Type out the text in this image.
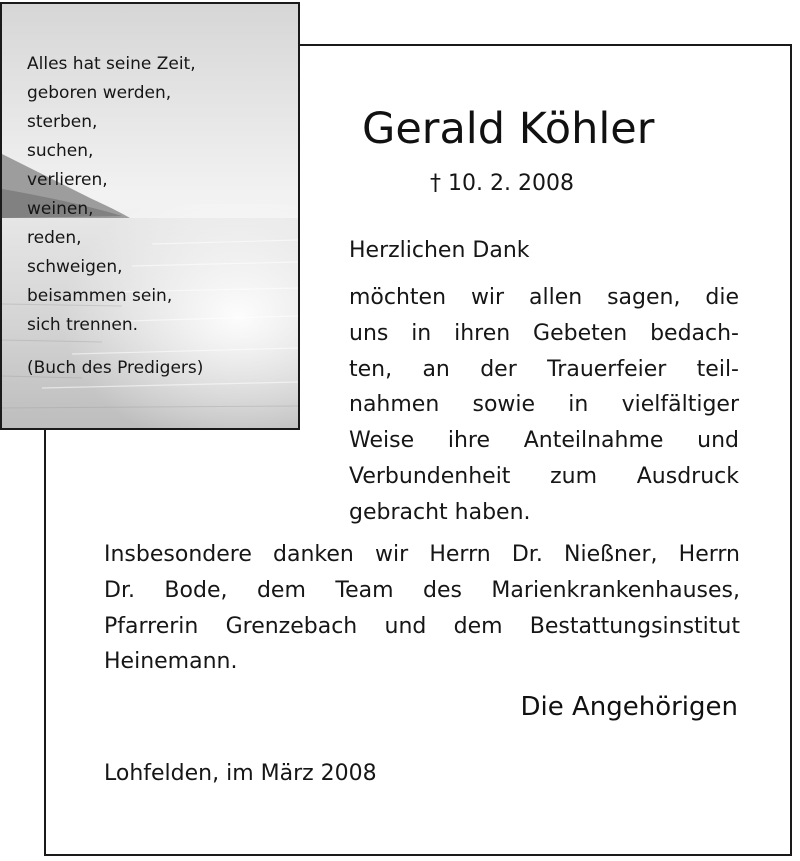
Alles hat seine Zeit,
geboren werden,
sterben,
suchen,
verlieren,
weinen,
reden,
schweigen,
beisammen sein,
sich trennen.
(Buch des Predigers)
Gerald Köhler
† 10. 2. 2008
Herzlichen Dank
möchten wir allen sagen, die
uns in ihren Gebeten bedach-
ten, an der Trauerfeier teil-
nahmen sowie in vielfältiger
Weise ihre Anteilnahme und
Verbundenheit zum Ausdruck
gebracht haben.
Insbesondere danken wir Herrn Dr. Nießner, Herrn
Dr. Bode, dem Team des Marienkrankenhauses,
Pfarrerin Grenzebach und dem Bestattungsinstitut
Heinemann.
Die Angehörigen
Lohfelden, im März 2008
